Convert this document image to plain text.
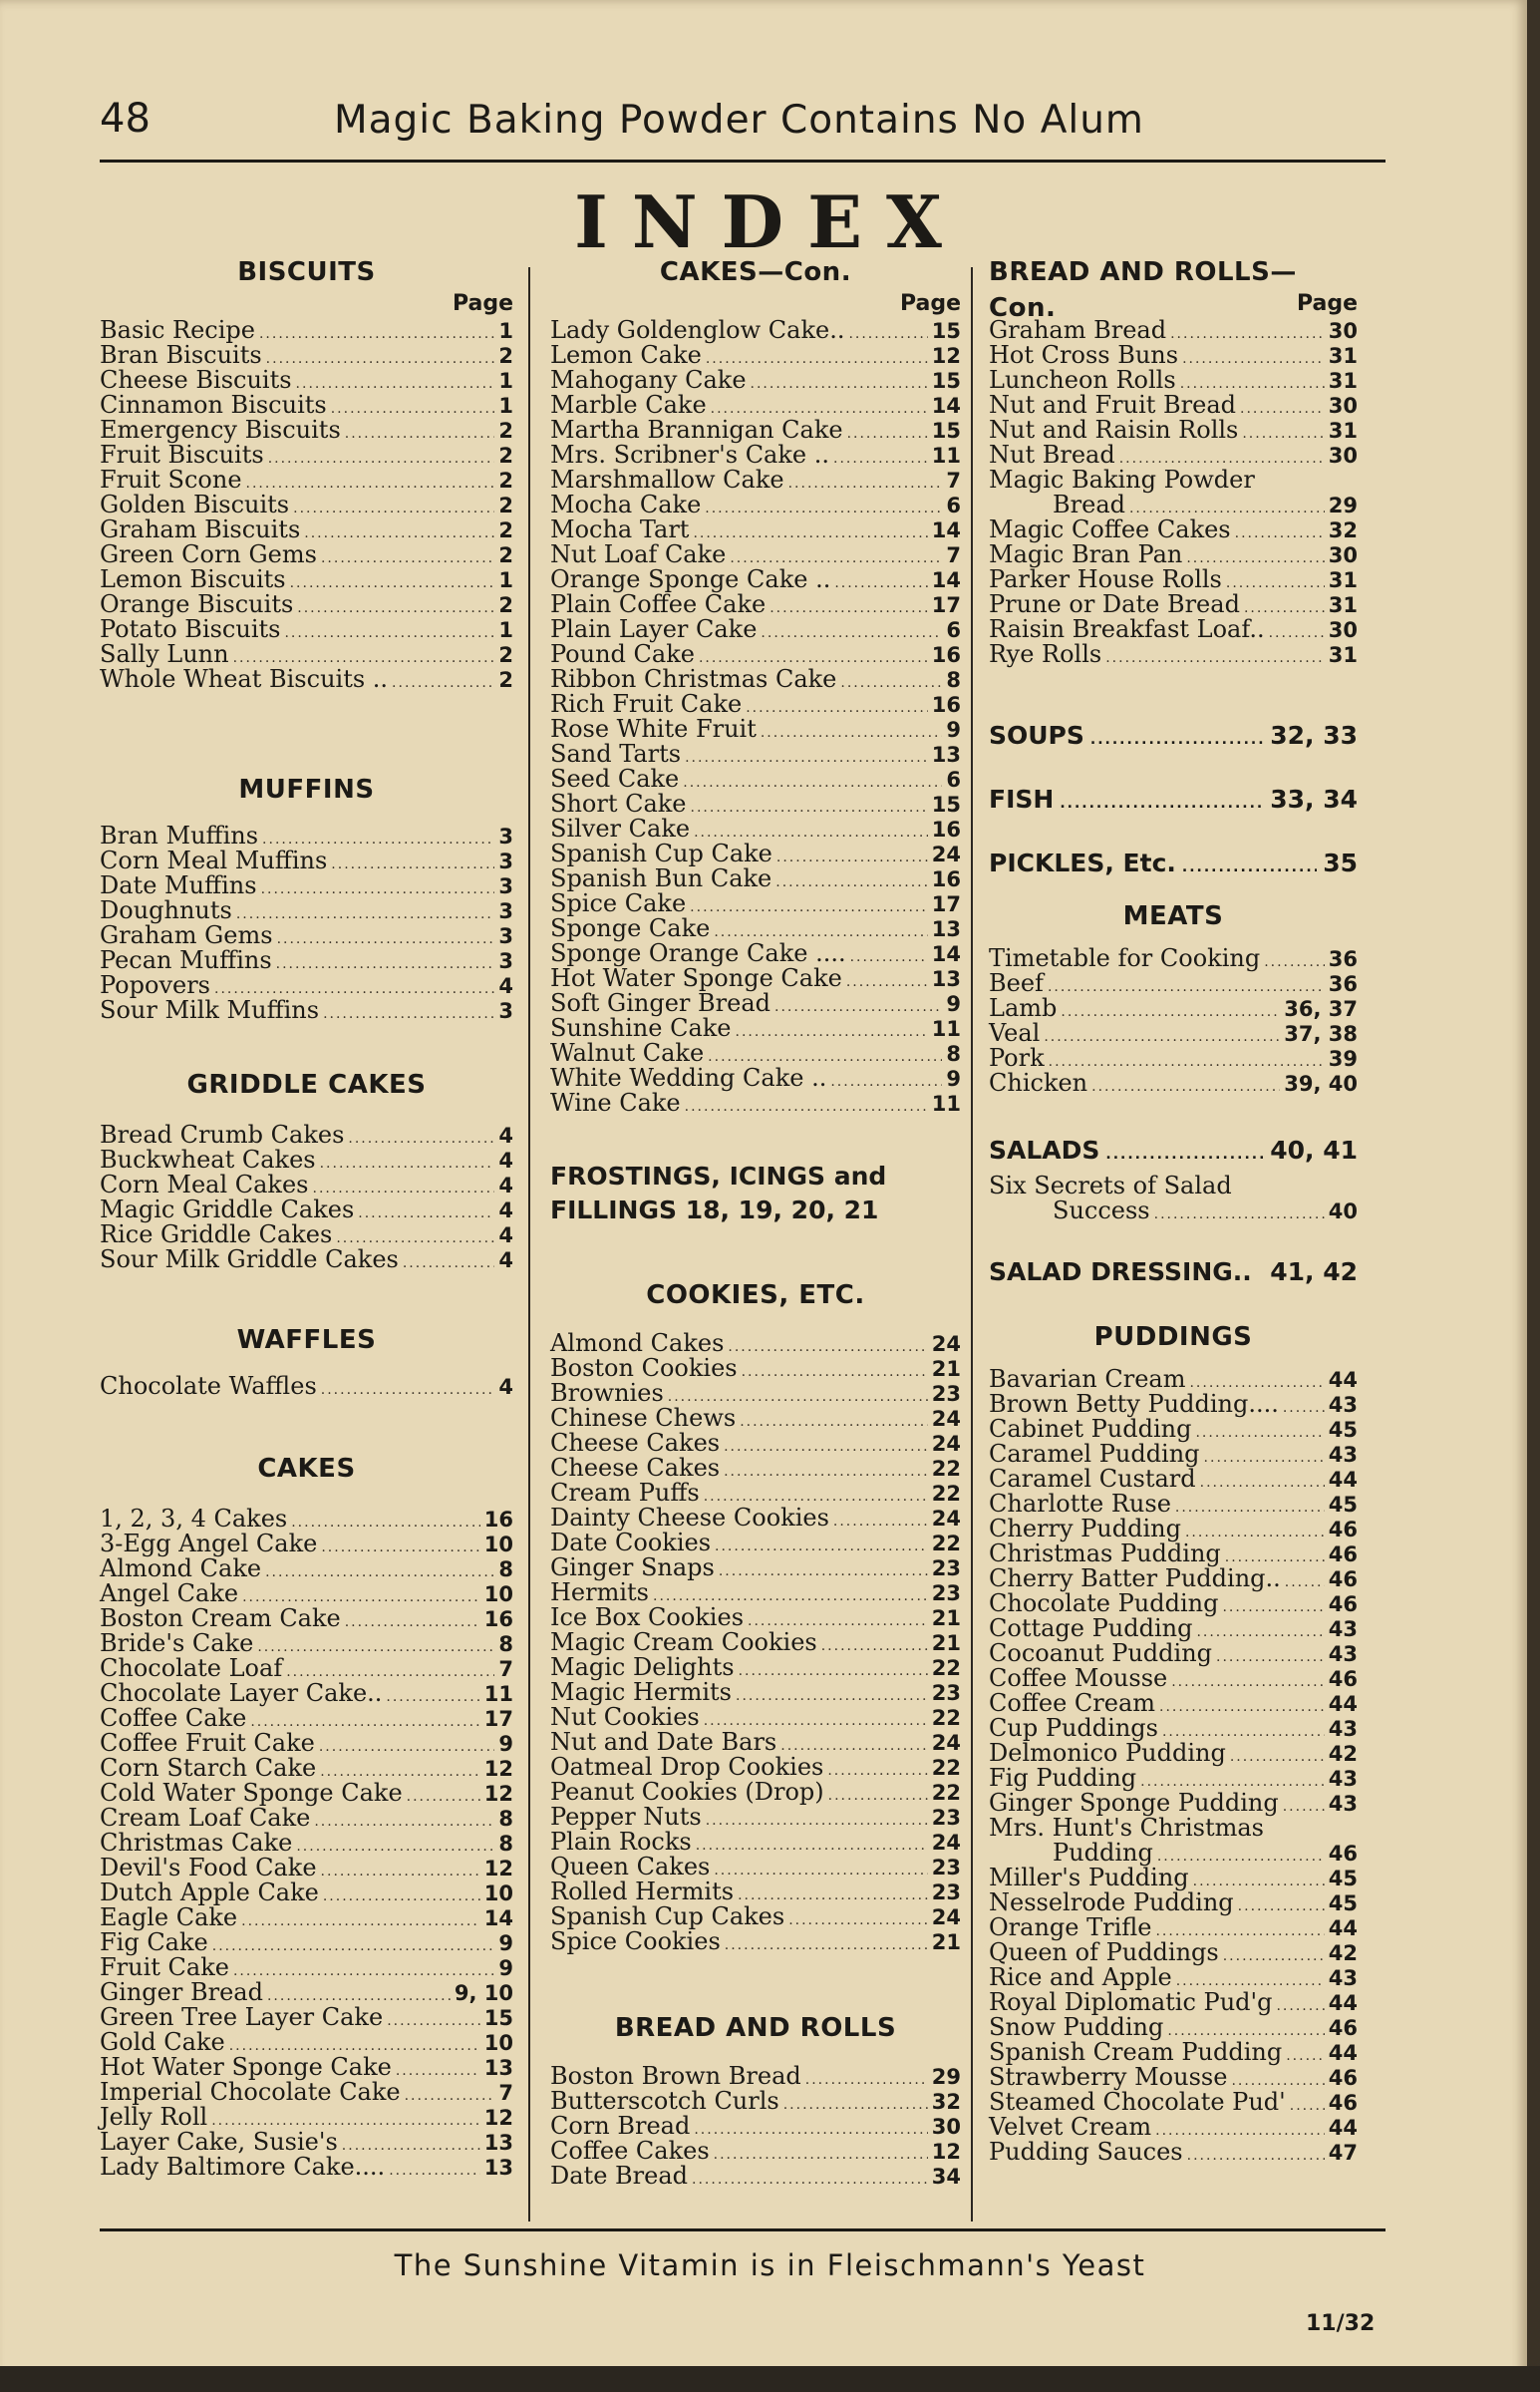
48	Magic Baking Powder Contains No Alum
INDEX
BISCUITS
Page
Basic Recipe .....	1
Bran Biscuits .....	2
Cheese Biscuits .....	1
Cinnamon Biscuits .....	1
Emergency Biscuits .....	2
Fruit Biscuits .....	2
Fruit Scone .....	2
Golden Biscuits .....	2
Graham Biscuits .....	2
Green Corn Gems .....	2
Lemon Biscuits .....	1
Orange Biscuits .....	2
Potato Biscuits .....	1
Sally Lunn .....	2
Whole Wheat Biscuits .. .....	2
MUFFINS
Bran Muffins .....	3
Corn Meal Muffins .....	3
Date Muffins .....	3
Doughnuts .....	3
Graham Gems .....	3
Pecan Muffins .....	3
Popovers .....	4
Sour Milk Muffins .....	3
GRIDDLE CAKES
Bread Crumb Cakes .....	4
Buckwheat Cakes .....	4
Corn Meal Cakes .....	4
Magic Griddle Cakes .....	4
Rice Griddle Cakes .....	4
Sour Milk Griddle Cakes .....	4
WAFFLES
Chocolate Waffles .....	4
CAKES
1, 2, 3, 4 Cakes .....	16
3-Egg Angel Cake .....	10
Almond Cake .....	8
Angel Cake .....	10
Boston Cream Cake .....	16
Bride's Cake .....	8
Chocolate Loaf .....	7
Chocolate Layer Cake.. .....	11
Coffee Cake .....	17
Coffee Fruit Cake .....	9
Corn Starch Cake .....	12
Cold Water Sponge Cake .....	12
Cream Loaf Cake .....	8
Christmas Cake .....	8
Devil's Food Cake .....	12
Dutch Apple Cake .....	10
Eagle Cake .....	14
Fig Cake .....	9
Fruit Cake .....	9
Ginger Bread .....	9, 10
Green Tree Layer Cake .....	15
Gold Cake .....	10
Hot Water Sponge Cake .....	13
Imperial Chocolate Cake .....	7
Jelly Roll .....	12
Layer Cake, Susie's .....	13
Lady Baltimore Cake.... .....	13
CAKES—Con.
Page
Lady Goldenglow Cake.. .....	15
Lemon Cake .....	12
Mahogany Cake .....	15
Marble Cake .....	14
Martha Brannigan Cake .....	15
Mrs. Scribner's Cake .. .....	11
Marshmallow Cake .....	7
Mocha Cake .....	6
Mocha Tart .....	14
Nut Loaf Cake .....	7
Orange Sponge Cake .. .....	14
Plain Coffee Cake .....	17
Plain Layer Cake .....	6
Pound Cake .....	16
Ribbon Christmas Cake .....	8
Rich Fruit Cake .....	16
Rose White Fruit .....	9
Sand Tarts .....	13
Seed Cake .....	6
Short Cake .....	15
Silver Cake .....	16
Spanish Cup Cake .....	24
Spanish Bun Cake .....	16
Spice Cake .....	17
Sponge Cake .....	13
Sponge Orange Cake .... .....	14
Hot Water Sponge Cake .....	13
Soft Ginger Bread .....	9
Sunshine Cake .....	11
Walnut Cake .....	8
White Wedding Cake .. .....	9
Wine Cake .....	11
FROSTINGS, ICINGS and
FILLINGS 18, 19, 20, 21
COOKIES, ETC.
Almond Cakes .....	24
Boston Cookies .....	21
Brownies .....	23
Chinese Chews .....	24
Cheese Cakes .....	24
Cheese Cakes .....	22
Cream Puffs .....	22
Dainty Cheese Cookies .....	24
Date Cookies .....	22
Ginger Snaps .....	23
Hermits .....	23
Ice Box Cookies .....	21
Magic Cream Cookies .....	21
Magic Delights .....	22
Magic Hermits .....	23
Nut Cookies .....	22
Nut and Date Bars .....	24
Oatmeal Drop Cookies .....	22
Peanut Cookies (Drop) .....	22
Pepper Nuts .....	23
Plain Rocks .....	24
Queen Cakes .....	23
Rolled Hermits .....	23
Spanish Cup Cakes .....	24
Spice Cookies .....	21
BREAD AND ROLLS
Boston Brown Bread .....	29
Butterscotch Curls .....	32
Corn Bread .....	30
Coffee Cakes .....	12
Date Bread .....	34
BREAD AND ROLLS—Con.	Page
Graham Bread .....	30
Hot Cross Buns .....	31
Luncheon Rolls .....	31
Nut and Fruit Bread .....	30
Nut and Raisin Rolls .....	31
Nut Bread .....	30
Magic Baking Powder
Bread .....	29
Magic Coffee Cakes .....	32
Magic Bran Pan .....	30
Parker House Rolls .....	31
Prune or Date Bread .....	31
Raisin Breakfast Loaf.. .....	30
Rye Rolls .....	31
SOUPS .....	32, 33
FISH .....	33, 34
PICKLES, Etc. .....	35
MEATS
Timetable for Cooking .....	36
Beef .....	36
Lamb .....	36, 37
Veal .....	37, 38
Pork .....	39
Chicken .....	39, 40
SALADS .....	40, 41
Six Secrets of Salad
Success .....	40
SALAD DRESSING.. 41, 42
PUDDINGS
Bavarian Cream .....	44
Brown Betty Pudding.... ..... 43
Cabinet Pudding .....	45
Caramel Pudding .....	43
Caramel Custard .....	44
Charlotte Ruse .....	45
Cherry Pudding .....	46
Christmas Pudding .....	46
Cherry Batter Pudding.. ..... 46
Chocolate Pudding .....	46
Cottage Pudding .....	43
Cocoanut Pudding .....	43
Coffee Mousse .....	46
Coffee Cream .....	44
Cup Puddings .....	43
Delmonico Pudding .....	42
Fig Pudding .....	43
Ginger Sponge Pudding ..... 43
Mrs. Hunt's Christmas
Pudding .....	46
Miller's Pudding .....	45
Nesselrode Pudding .....	45
Orange Trifle .....	44
Queen of Puddings .....	42
Rice and Apple .....	43
Royal Diplomatic Pud'g .....	44
Snow Pudding .....	46
Spanish Cream Pudding ..... 44
Strawberry Mousse .....	46
Steamed Chocolate Pud' ..... 46
Velvet Cream .....	44
Pudding Sauces .....	47
The Sunshine Vitamin is in Fleischmann's Yeast
11/32
